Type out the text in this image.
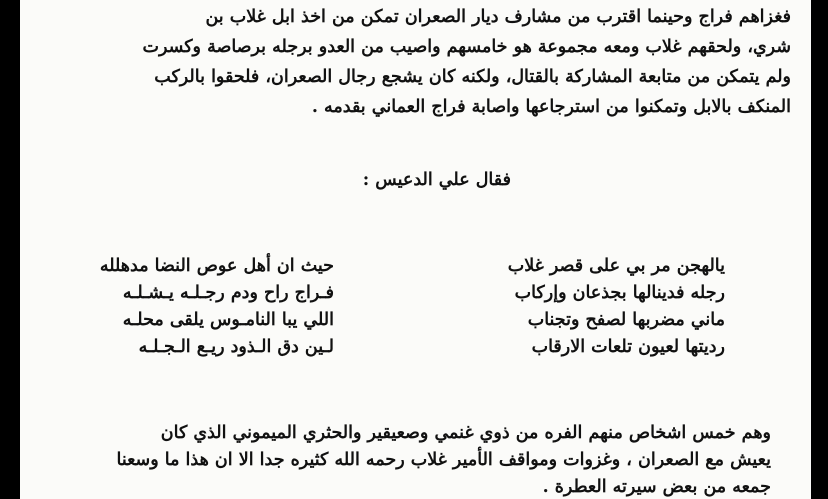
فغزاهم فراج وحينما اقترب من مشارف ديار الصعران تمكن من اخذ ابل غلاب بن
شري، ولحقهم غلاب ومعه مجموعة هو خامسهم واصيب من العدو برجله برصاصة وكسرت
ولم يتمكن من متابعة المشاركة بالقتال، ولكنه كان يشجع رجال الصعران، فلحقوا بالركب
المنكف بالابل وتمكنوا من استرجاعها واصابة فراج العماني بقدمه .
فقال علي الدعيس :
يالهجن مر بي على قصر غلاب
رجله فدينالها بجذعان وإركاب
ماني مضربها لصفح وتجناب
رديتها لعيون تلعات الارقاب
حيث ان أهل عوص النضا مدهلله
فـراج راح ودم رجـلـه يـشـلـه
اللي يبا النامـوس يلقى محلـه
لـين دق الـذود ريـع الـجـلـه
وهم خمس اشخاص منهم الفره من ذوي غنمي وصعيقير والحثري الميموني الذي كان
يعيش مع الصعران ، وغزوات ومواقف الأمير غلاب رحمه الله كثيره جدا الا ان هذا ما وسعنا
جمعه من بعض سيرته العطرة .
